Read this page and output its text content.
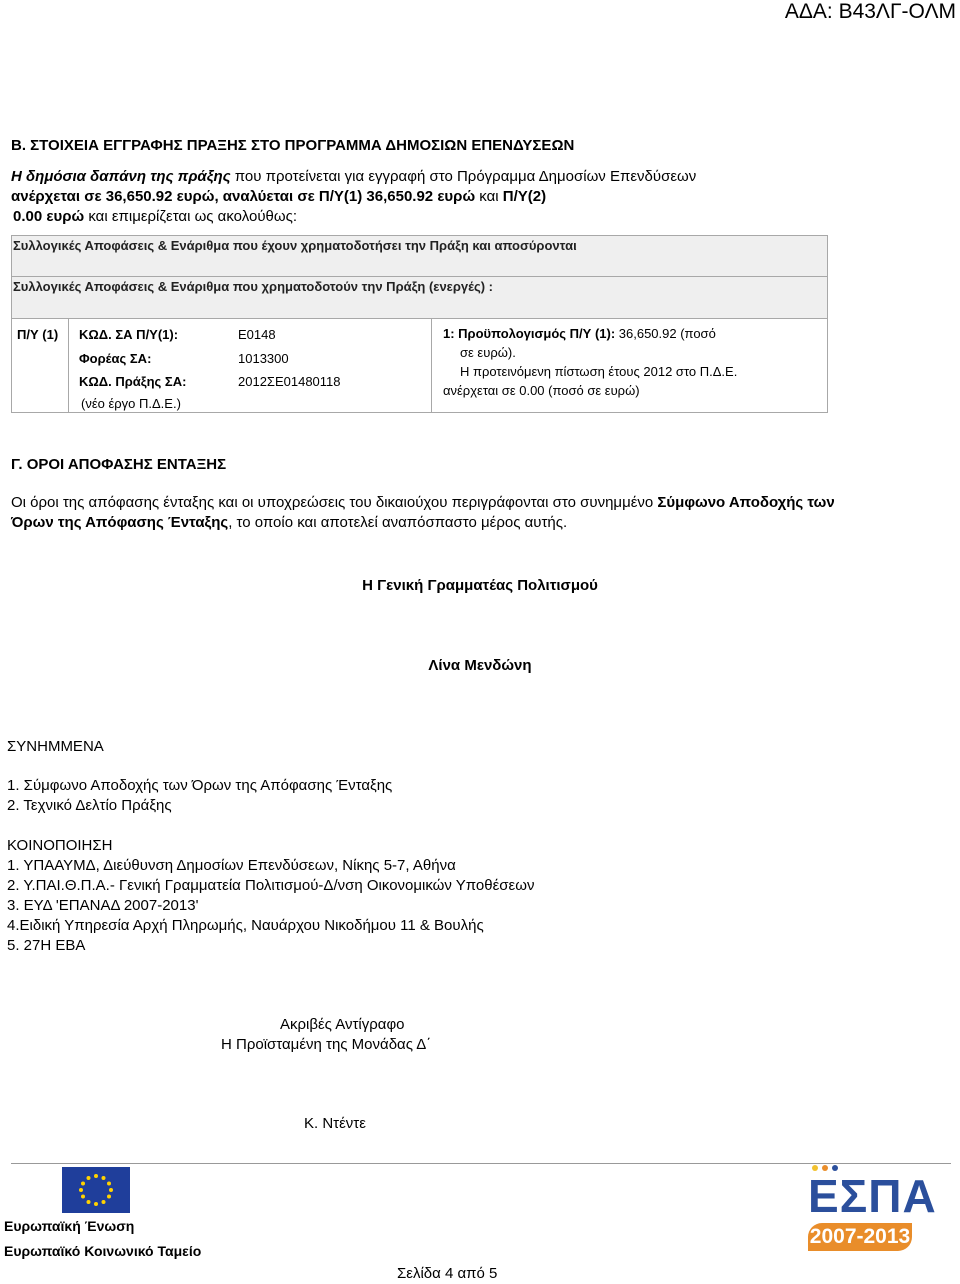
ΑΔΑ: Β43ΛΓ-ΟΛΜ
Β. ΣΤΟΙΧΕΙΑ ΕΓΓΡΑΦΗΣ ΠΡΑΞΗΣ ΣΤΟ ΠΡΟΓΡΑΜΜΑ ΔΗΜΟΣΙΩΝ ΕΠΕΝΔΥΣΕΩΝ
Η δημόσια δαπάνη της πράξης που προτείνεται για εγγραφή στο Πρόγραμμα Δημοσίων Επενδύσεων
ανέρχεται σε 36,650.92 ευρώ, αναλύεται σε Π/Υ(1) 36,650.92 ευρώ και Π/Υ(2)
0.00 ευρώ και επιμερίζεται ως ακολούθως:
Συλλογικές Αποφάσεις & Ενάριθμα που έχουν χρηματοδοτήσει την Πράξη και αποσύρονται
Συλλογικές Αποφάσεις & Ενάριθμα που χρηματοδοτούν την Πράξη (ενεργές) :
Π/Υ (1) ΚΩΔ. ΣΑ Π/Υ(1):
Φορέας ΣΑ:
ΚΩΔ. Πράξης ΣΑ:
(νέο έργο Π.Δ.Ε.)
Ε0148
1013300
2012ΣΕ01480118
1: Προϋπολογισμός Π/Υ (1): 36,650.92 (ποσό
σε ευρώ).
Η προτεινόμενη πίστωση έτους 2012 στο Π.Δ.Ε.
ανέρχεται σε 0.00 (ποσό σε ευρώ)
Γ. ΟΡΟΙ ΑΠΟΦΑΣΗΣ ΕΝΤΑΞΗΣ
Οι όροι της απόφασης ένταξης και οι υποχρεώσεις του δικαιούχου περιγράφονται στο συνημμένο Σύμφωνο Αποδοχής των
Όρων της Απόφασης Ένταξης, το οποίο και αποτελεί αναπόσπαστο μέρος αυτής.
Η Γενική Γραμματέας Πολιτισμού
Λίνα Μενδώνη
ΣΥΝΗΜΜΕΝΑ
1. Σύμφωνο Αποδοχής των Όρων της Απόφασης Ένταξης
2. Τεχνικό Δελτίο Πράξης
ΚΟΙΝΟΠΟΙΗΣΗ
1. ΥΠΑΑΥΜΔ, Διεύθυνση Δημοσίων Επενδύσεων, Νίκης 5-7, Αθήνα
2. Υ.ΠΑΙ.Θ.Π.Α.- Γενική Γραμματεία Πολιτισμού-Δ/νση Οικονομικών Υποθέσεων
3. ΕΥΔ 'ΕΠΑΝΑΔ 2007-2013'
4.Ειδική Υπηρεσία Αρχή Πληρωμής, Ναυάρχου Νικοδήμου 11 & Βουλής
5. 27Η ΕΒΑ
Ακριβές Αντίγραφο
Η Προϊσταμένη της Μονάδας Δ΄
Κ. Ντέντε
Ευρωπαϊκή Ένωση
Ευρωπαϊκό Κοινωνικό Ταμείο
ΕΣΠΑ
2007-2013
Σελίδα 4 από 5
